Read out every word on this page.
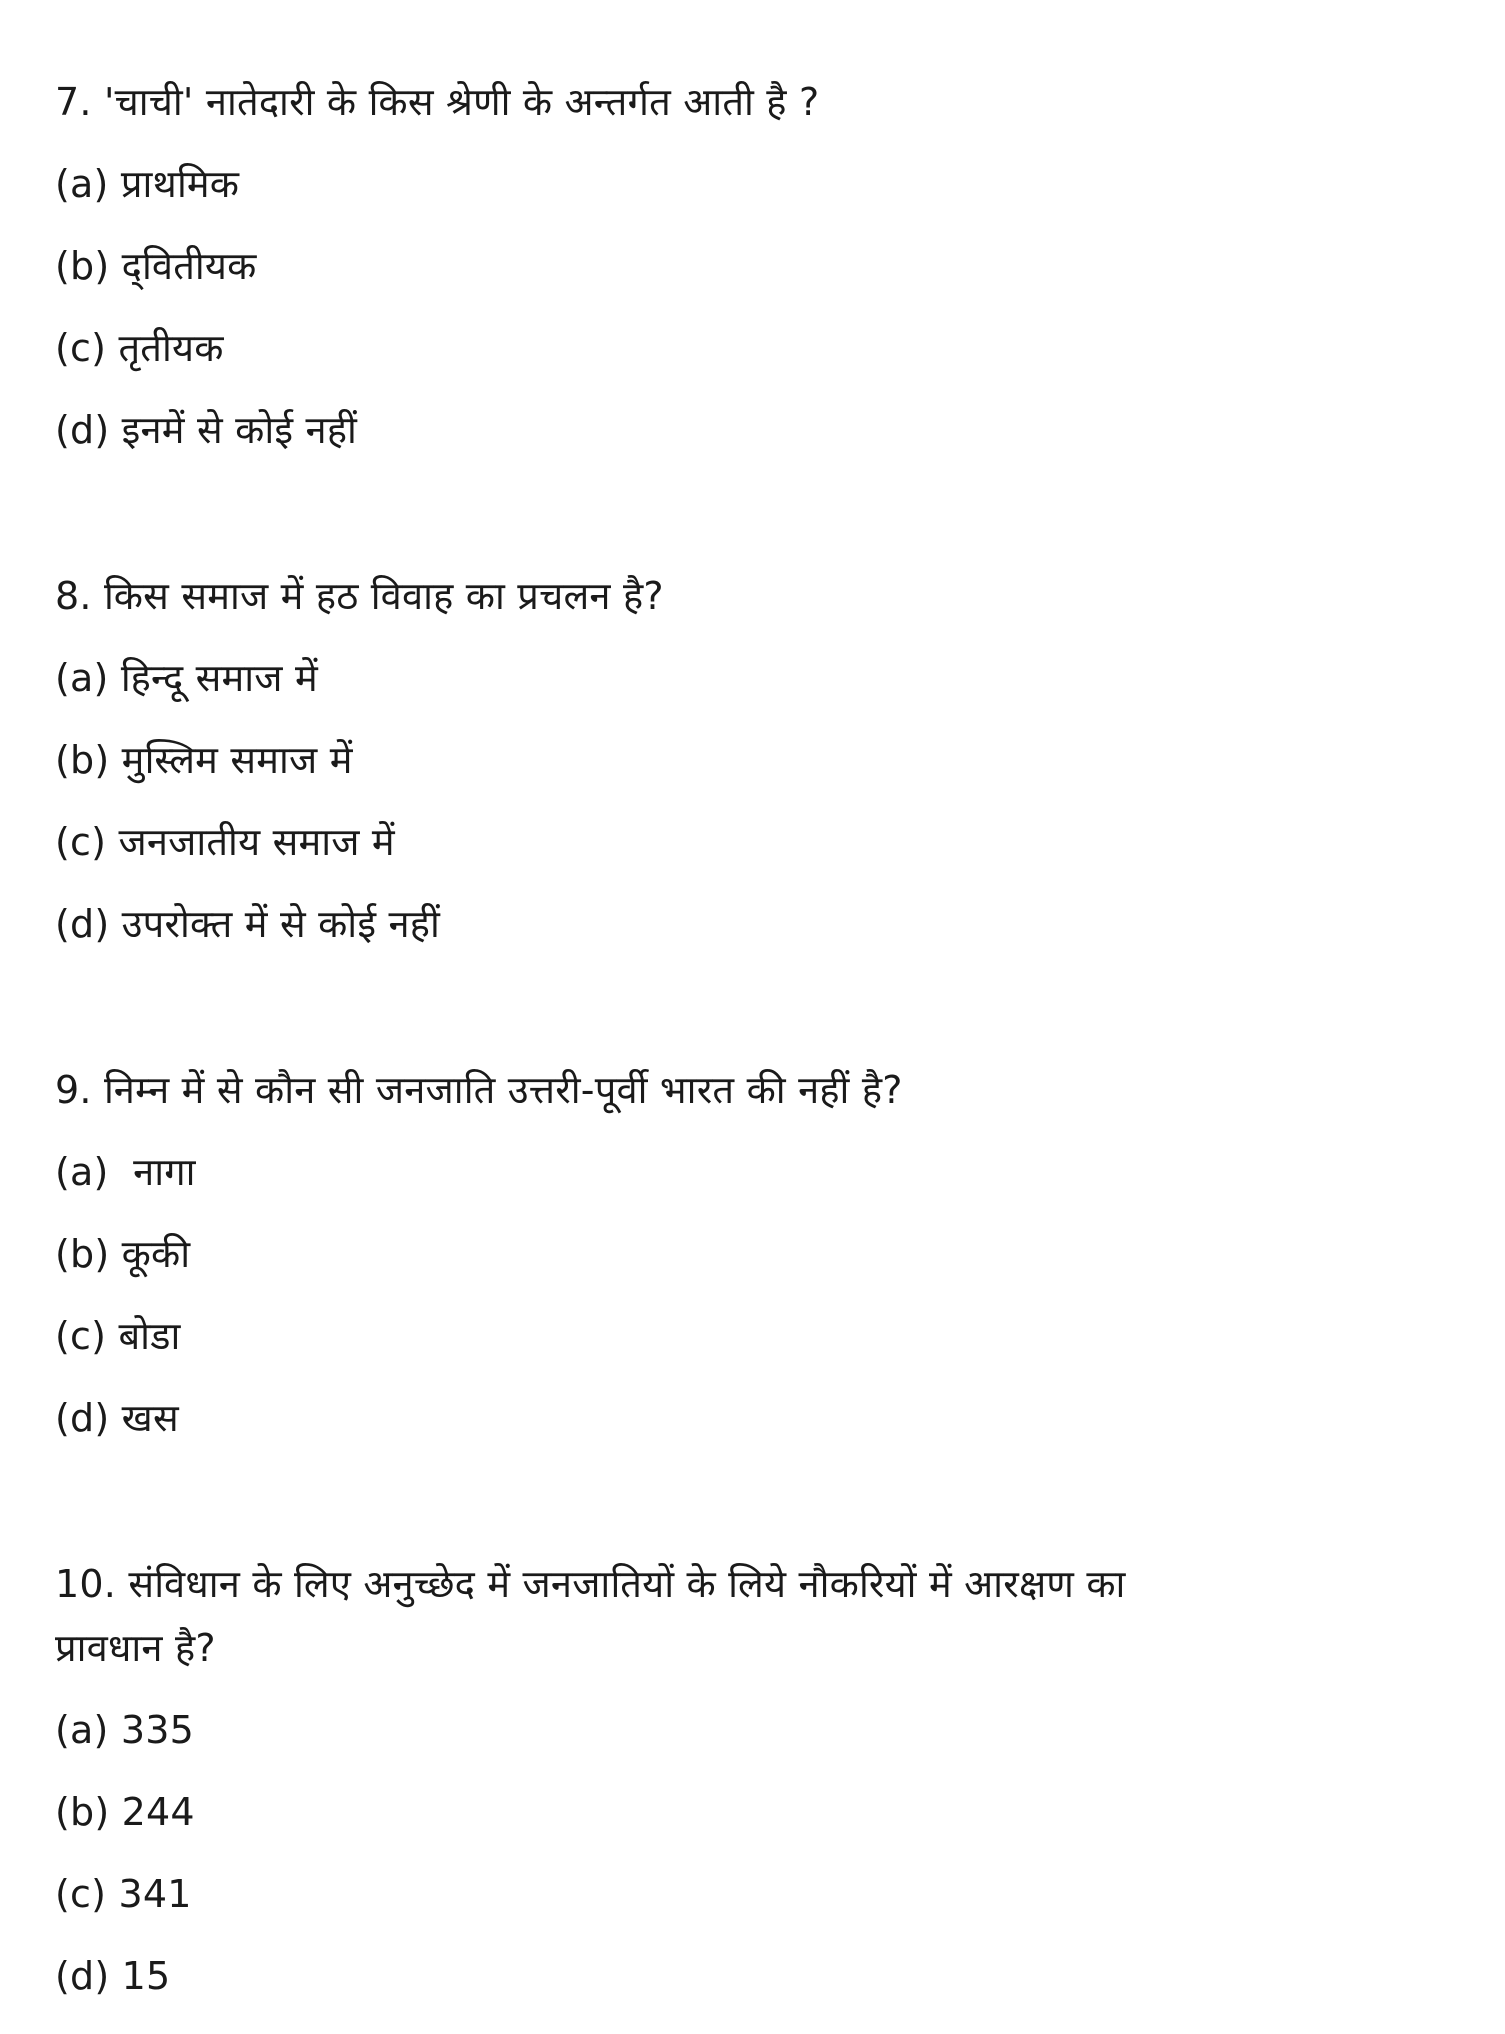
7. 'चाची' नातेदारी के किस श्रेणी के अन्तर्गत आती है ?
(a) प्राथमिक
(b) द्‌वितीयक
(c) तृतीयक
(d) इनमें से कोई नहीं
8. किस समाज में हठ विवाह का प्रचलन है?
(a) हिन्दू समाज में
(b) मुस्लिम समाज में
(c) जनजातीय समाज में
(d) उपरोक्त में से कोई नहीं
9. निम्न में से कौन सी जनजाति उत्तरी-पूर्वी भारत की नहीं है?
(a)  नागा
(b) कूकी
(c) बोडा
(d) खस
10. संविधान के लिए अनुच्छेद में जनजातियों के लिये नौकरियों में आरक्षण का
प्रावधान है?
(a) 335
(b) 244
(c) 341
(d) 15
